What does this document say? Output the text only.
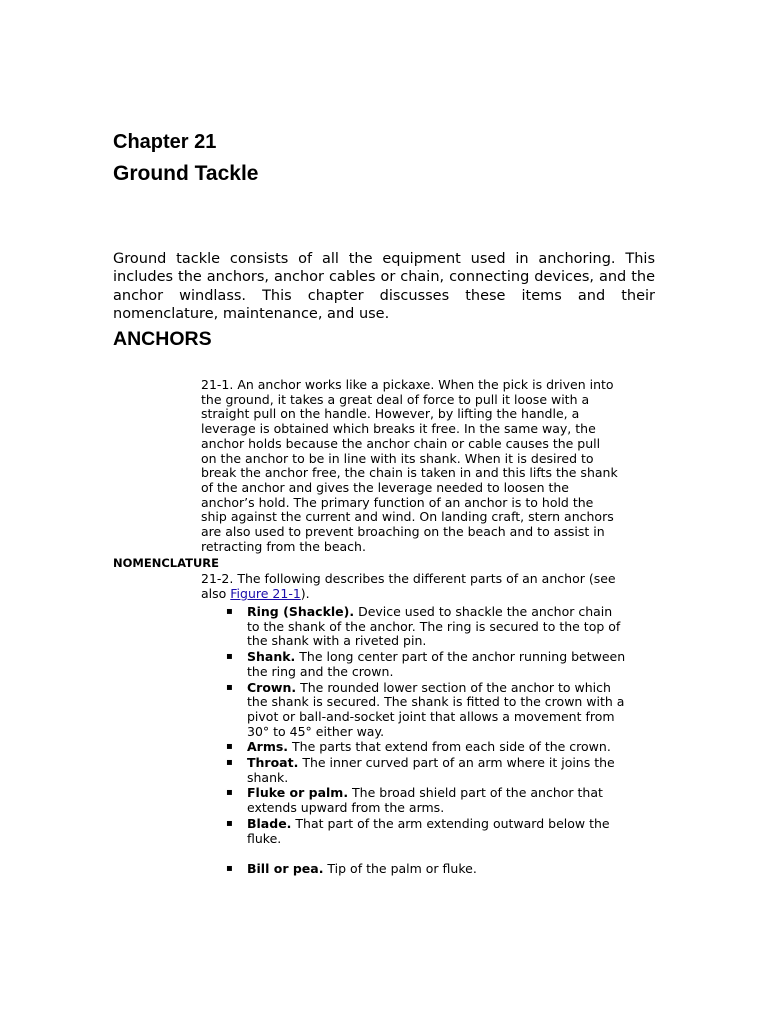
Chapter 21
Ground Tackle

Ground tackle consists of all the equipment used in anchoring. This includes the anchors, anchor cables or chain, connecting devices, and the anchor windlass. This chapter discusses these items and their nomenclature, maintenance, and use.

ANCHORS

21-1. An anchor works like a pickaxe. When the pick is driven into the ground, it takes a great deal of force to pull it loose with a straight pull on the handle. However, by lifting the handle, a leverage is obtained which breaks it free. In the same way, the anchor holds because the anchor chain or cable causes the pull on the anchor to be in line with its shank. When it is desired to break the anchor free, the chain is taken in and this lifts the shank of the anchor and gives the leverage needed to loosen the anchor’s hold. The primary function of an anchor is to hold the ship against the current and wind. On landing craft, stern anchors are also used to prevent broaching on the beach and to assist in retracting from the beach.

NOMENCLATURE

21-2. The following describes the different parts of an anchor (see also Figure 21-1).

▪ Ring (Shackle). Device used to shackle the anchor chain to the shank of the anchor. The ring is secured to the top of the shank with a riveted pin.
▪ Shank. The long center part of the anchor running between the ring and the crown.
▪ Crown. The rounded lower section of the anchor to which the shank is secured. The shank is fitted to the crown with a pivot or ball-and-socket joint that allows a movement from 30° to 45° either way.
▪ Arms. The parts that extend from each side of the crown.
▪ Throat. The inner curved part of an arm where it joins the shank.
▪ Fluke or palm. The broad shield part of the anchor that extends upward from the arms.
▪ Blade. That part of the arm extending outward below the fluke.
▪ Bill or pea. Tip of the palm or fluke.
